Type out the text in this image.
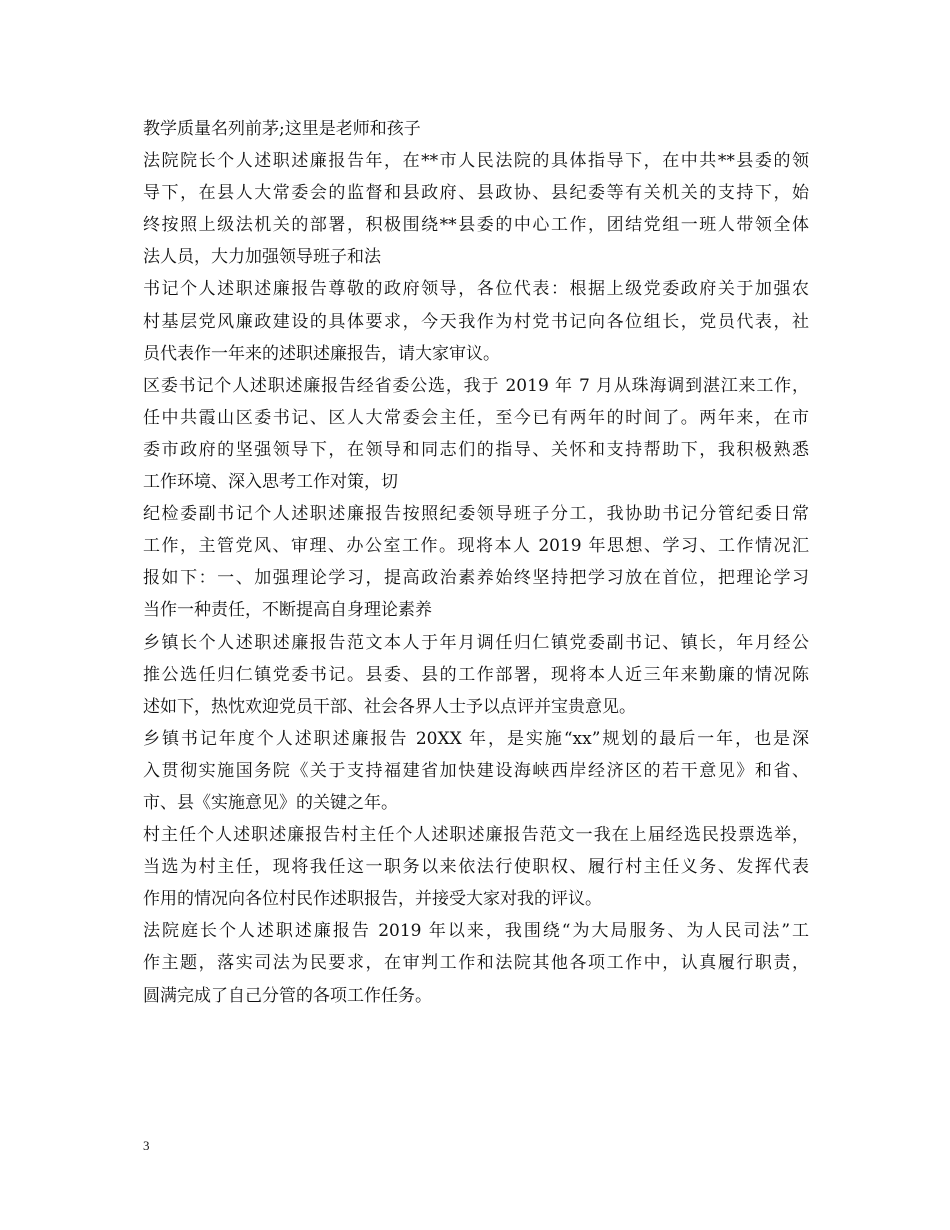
教学质量名列前茅;这里是老师和孩子
法院院长个人述职述廉报告年，在**市人民法院的具体指导下，在中共**县委的领
导下，在县人大常委会的监督和县政府、县政协、县纪委等有关机关的支持下，始
终按照上级法机关的部署，积极围绕**县委的中心工作，团结党组一班人带领全体
法人员，大力加强领导班子和法
书记个人述职述廉报告尊敬的政府领导，各位代表：根据上级党委政府关于加强农
村基层党风廉政建设的具体要求，今天我作为村党书记向各位组长，党员代表，社
员代表作一年来的述职述廉报告，请大家审议。
区委书记个人述职述廉报告经省委公选，我于 2019 年 7 月从珠海调到湛江来工作，
任中共霞山区委书记、区人大常委会主任，至今已有两年的时间了。两年来，在市
委市政府的坚强领导下，在领导和同志们的指导、关怀和支持帮助下，我积极熟悉
工作环境、深入思考工作对策，切
纪检委副书记个人述职述廉报告按照纪委领导班子分工，我协助书记分管纪委日常
工作，主管党风、审理、办公室工作。现将本人 2019 年思想、学习、工作情况汇
报如下：一、加强理论学习，提高政治素养始终坚持把学习放在首位，把理论学习
当作一种责任，不断提高自身理论素养
乡镇长个人述职述廉报告范文本人于年月调任归仁镇党委副书记、镇长，年月经公
推公选任归仁镇党委书记。县委、县的工作部署，现将本人近三年来勤廉的情况陈
述如下，热忱欢迎党员干部、社会各界人士予以点评并宝贵意见。
乡镇书记年度个人述职述廉报告 20XX 年，是实施“xx”规划的最后一年，也是深
入贯彻实施国务院《关于支持福建省加快建设海峡西岸经济区的若干意见》和省、
市、县《实施意见》的关键之年。
村主任个人述职述廉报告村主任个人述职述廉报告范文一我在上届经选民投票选举，
当选为村主任，现将我任这一职务以来依法行使职权、履行村主任义务、发挥代表
作用的情况向各位村民作述职报告，并接受大家对我的评议。
法院庭长个人述职述廉报告 2019 年以来，我围绕“为大局服务、为人民司法”工
作主题，落实司法为民要求，在审判工作和法院其他各项工作中，认真履行职责，
圆满完成了自己分管的各项工作任务。
3
